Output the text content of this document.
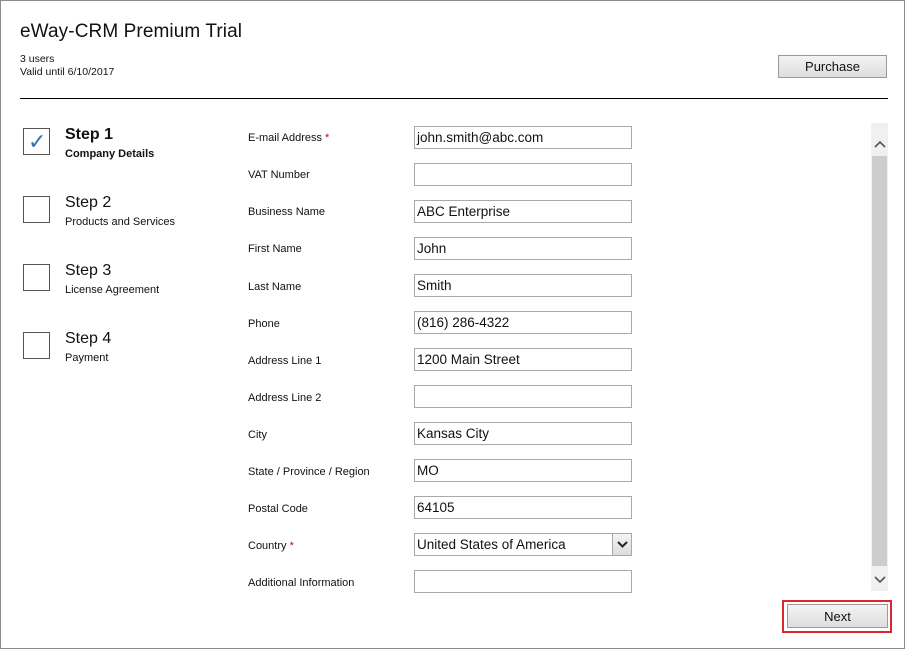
eWay-CRM Premium Trial
3 users
Valid until 6/10/2017	Purchase
✓ Step 1
Company Details
Step 2
Products and Services
Step 3
License Agreement
Step 4
Payment
E-mail Address *	john.smith@abc.com
VAT Number
Business Name	ABC Enterprise
First Name	John
Last Name	Smith
Phone	(816) 286-4322
Address Line 1	1200 Main Street
Address Line 2
City	Kansas City
State / Province / Region	MO
Postal Code	64105
Country *	United States of America
Additional Information
Next
